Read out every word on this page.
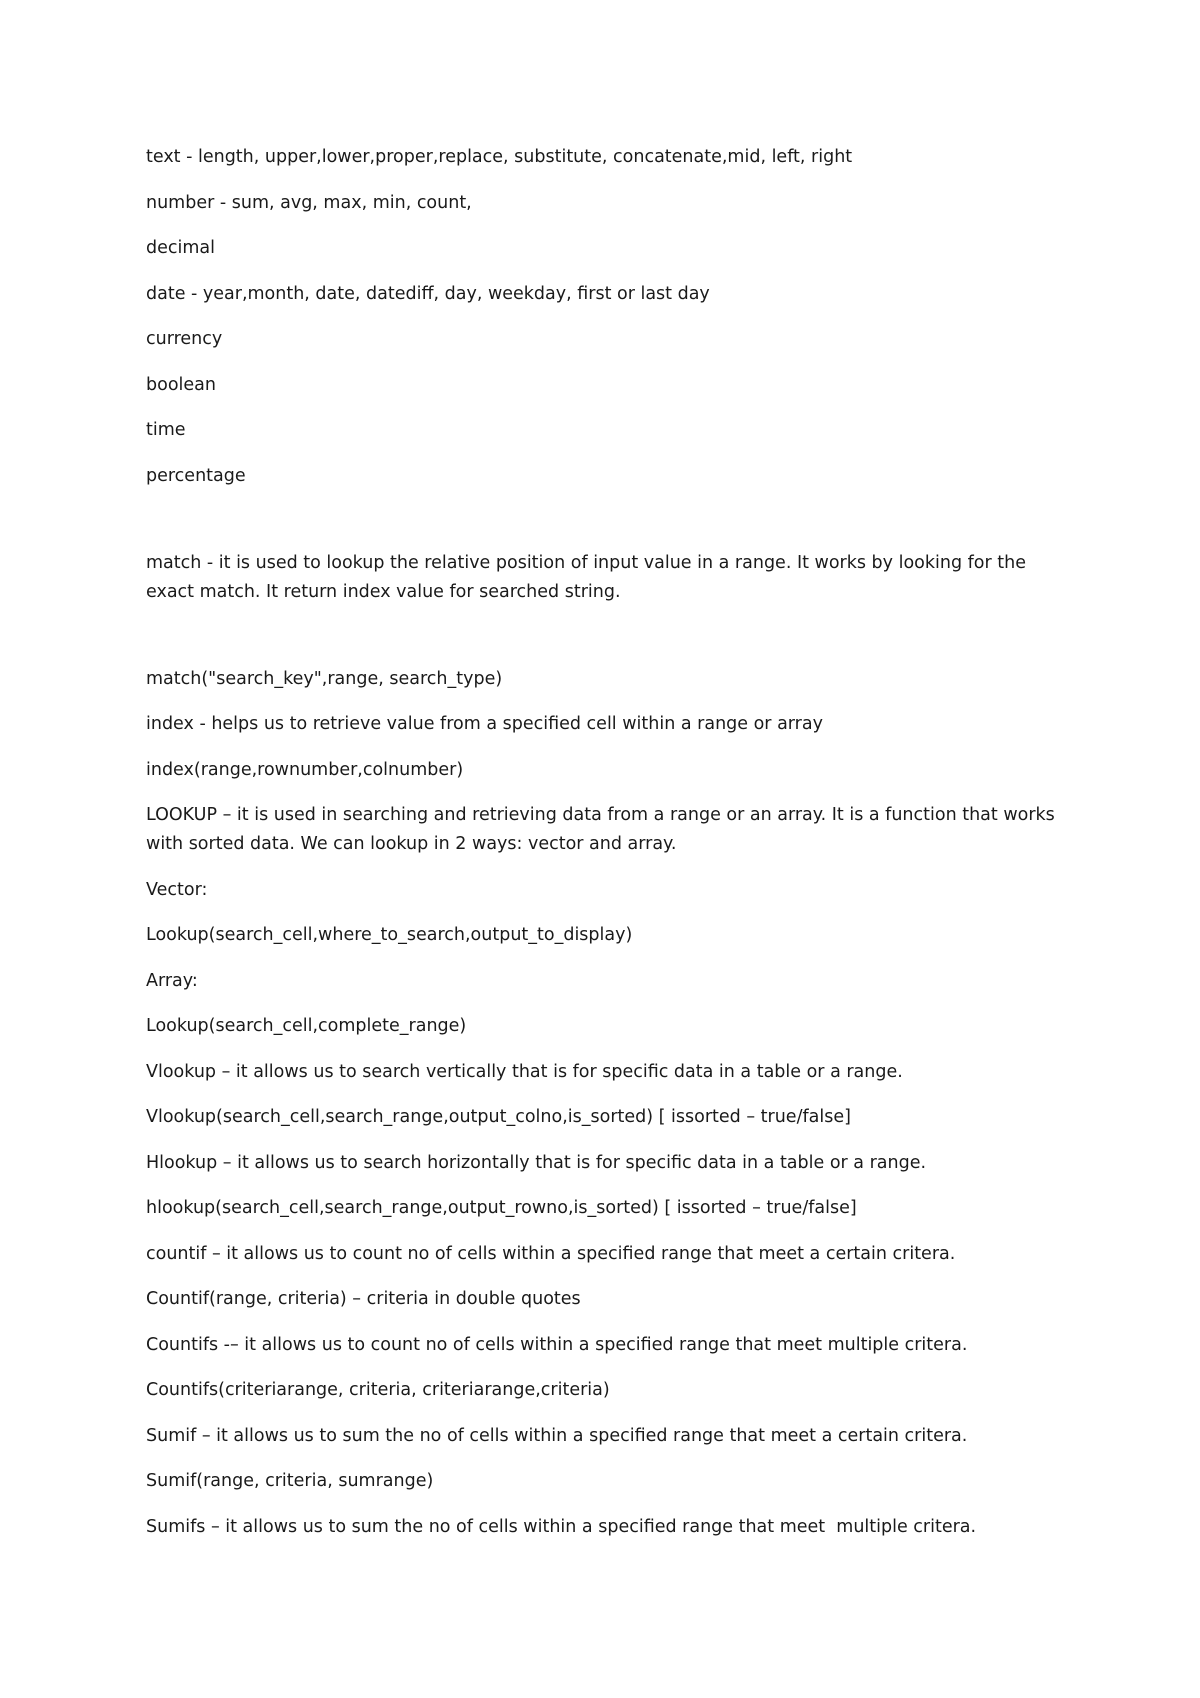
text - length, upper,lower,proper,replace, substitute, concatenate,mid, left, right

number - sum, avg, max, min, count,

decimal

date - year,month, date, datediff, day, weekday, first or last day

currency

boolean

time

percentage

match - it is used to lookup the relative position of input value in a range. It works by looking for the exact match. It return index value for searched string.

match("search_key",range, search_type)

index - helps us to retrieve value from a specified cell within a range or array

index(range,rownumber,colnumber)

LOOKUP – it is used in searching and retrieving data from a range or an array. It is a function that works with sorted data. We can lookup in 2 ways: vector and array.

Vector:

Lookup(search_cell,where_to_search,output_to_display)

Array:

Lookup(search_cell,complete_range)

Vlookup – it allows us to search vertically that is for specific data in a table or a range.

Vlookup(search_cell,search_range,output_colno,is_sorted) [ issorted – true/false]

Hlookup – it allows us to search horizontally that is for specific data in a table or a range.

hlookup(search_cell,search_range,output_rowno,is_sorted) [ issorted – true/false]

countif – it allows us to count no of cells within a specified range that meet a certain critera.

Countif(range, criteria) – criteria in double quotes

Countifs -– it allows us to count no of cells within a specified range that meet multiple critera.

Countifs(criteriarange, criteria, criteriarange,criteria)

Sumif – it allows us to sum the no of cells within a specified range that meet a certain critera.

Sumif(range, criteria, sumrange)

Sumifs – it allows us to sum the no of cells within a specified range that meet  multiple critera.
